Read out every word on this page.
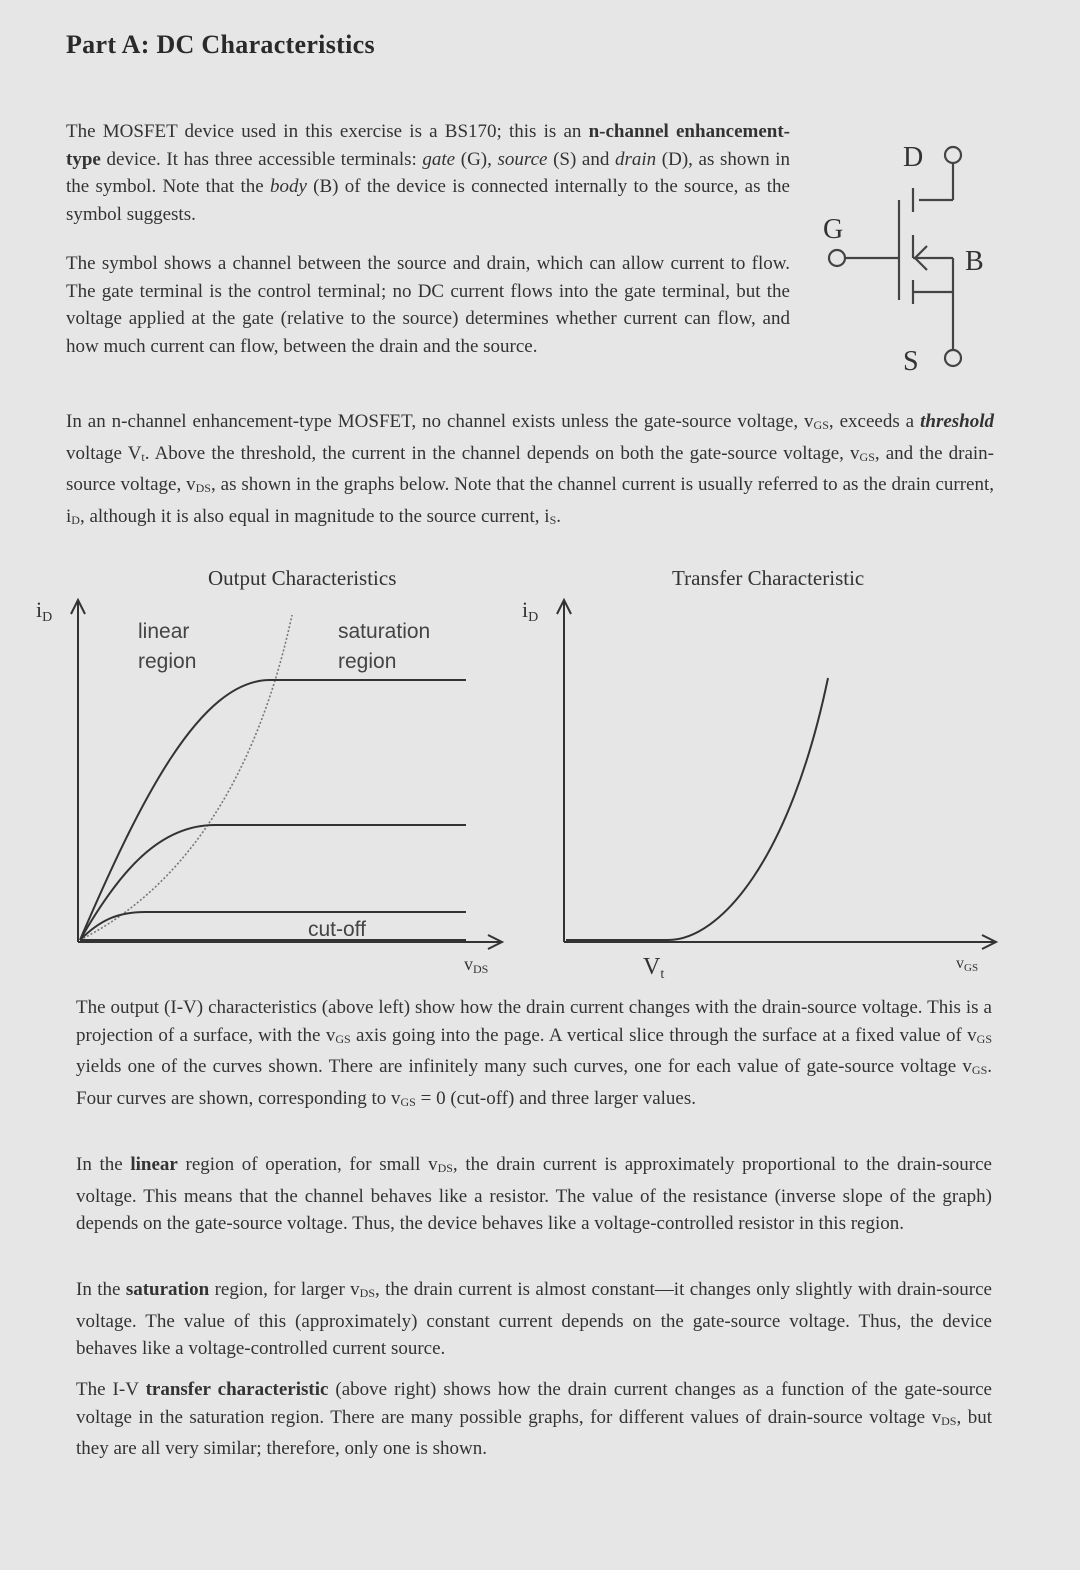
Part A: DC Characteristics

The MOSFET device used in this exercise is a BS170; this is an n-channel enhancement-type device. It has three accessible terminals: gate (G), source (S) and drain (D), as shown in the symbol. Note that the body (B) of the device is connected internally to the source, as the symbol suggests.

The symbol shows a channel between the source and drain, which can allow current to flow. The gate terminal is the control terminal; no DC current flows into the gate terminal, but the voltage applied at the gate (relative to the source) determines whether current can flow, and how much current can flow, between the drain and the source.

D
G
B
S

In an n-channel enhancement-type MOSFET, no channel exists unless the gate-source voltage, vGS, exceeds a threshold voltage Vt. Above the threshold, the current in the channel depends on both the gate-source voltage, vGS, and the drain-source voltage, vDS, as shown in the graphs below. Note that the channel current is usually referred to as the drain current, iD, although it is also equal in magnitude to the source current, iS.

Output Characteristics	Transfer Characteristic
iD
linear
region
saturation
region
cut-off
vDS
iD
Vt
vGS

The output (I-V) characteristics (above left) show how the drain current changes with the drain-source voltage. This is a projection of a surface, with the vGS axis going into the page. A vertical slice through the surface at a fixed value of vGS yields one of the curves shown. There are infinitely many such curves, one for each value of gate-source voltage vGS. Four curves are shown, corresponding to vGS = 0 (cut-off) and three larger values.

In the linear region of operation, for small vDS, the drain current is approximately proportional to the drain-source voltage. This means that the channel behaves like a resistor. The value of the resistance (inverse slope of the graph) depends on the gate-source voltage. Thus, the device behaves like a voltage-controlled resistor in this region.

In the saturation region, for larger vDS, the drain current is almost constant—it changes only slightly with drain-source voltage. The value of this (approximately) constant current depends on the gate-source voltage. Thus, the device behaves like a voltage-controlled current source.

The I-V transfer characteristic (above right) shows how the drain current changes as a function of the gate-source voltage in the saturation region. There are many possible graphs, for different values of drain-source voltage vDS, but they are all very similar; therefore, only one is shown.
